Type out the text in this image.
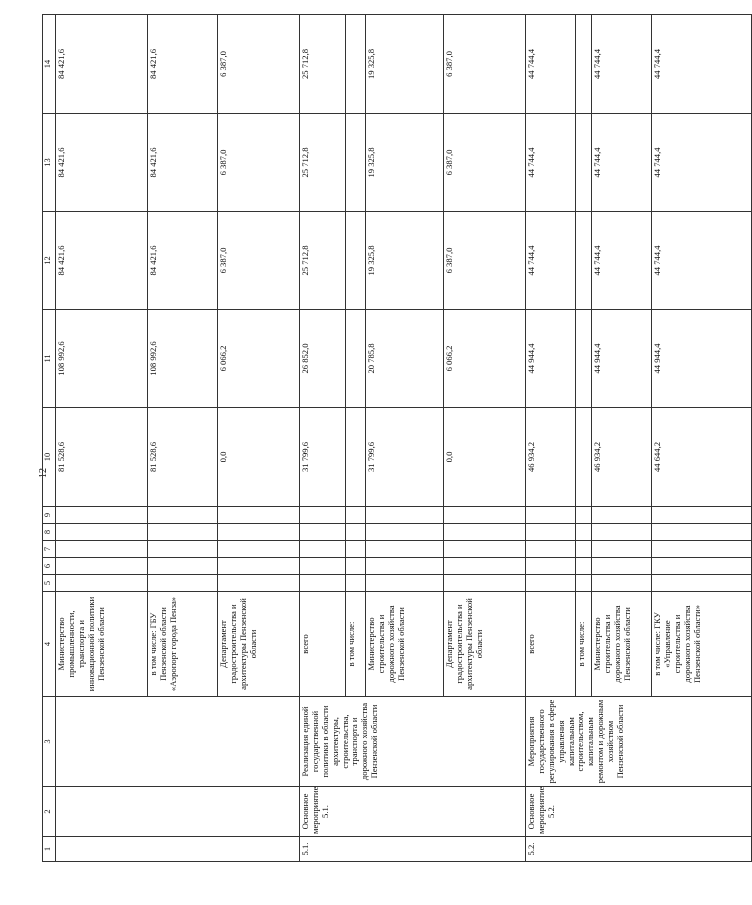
12
1	2	3	4	5	6	7	8	9	10	11	12	13	14
			Министерство промышленности, транспорта и инновационной политики Пензенской области						81 528,6	108 992,6	84 421,6	84 421,6	84 421,6
			в том числе: ГБУ Пензенской области «Аэропорт города Пенза»						81 528,6	108 992,6	84 421,6	84 421,6	84 421,6
			Департамент градостроительства и архитектуры Пензенской области						0,0	6 066,2	6 387,0	6 387,0	6 387,0
5.1.	Основное мероприятие 5.1.	Реализация единой государственной политики в области архитектуры, строительства, транспорта и дорожного хозяйства Пензенской области	всего						31 799,6	26 852,0	25 712,8	25 712,8	25 712,8
			в том числе:										
			Министерство строительства и дорожного хозяйства Пензенской области						31 799,6	20 785,8	19 325,8	19 325,8	19 325,8
			Департамент градостроительства и архитектуры Пензенской области						0,0	6 066,2	6 387,0	6 387,0	6 387,0
5.2.	Основное мероприятие 5.2.	Мероприятия государственного регулирования в сфере управления капитальным строительством, капитальным ремонтом и дорожным хозяйством Пензенской области	всего						46 934,2	44 944,4	44 744,4	44 744,4	44 744,4
			в том числе:										
			Министерство строительства и дорожного хозяйства Пензенской области						46 934,2	44 944,4	44 744,4	44 744,4	44 744,4
			в том числе: ГКУ «Управление строительства и дорожного хозяйства Пензенской области»						44 644,2	44 944,4	44 744,4	44 744,4	44 744,4
